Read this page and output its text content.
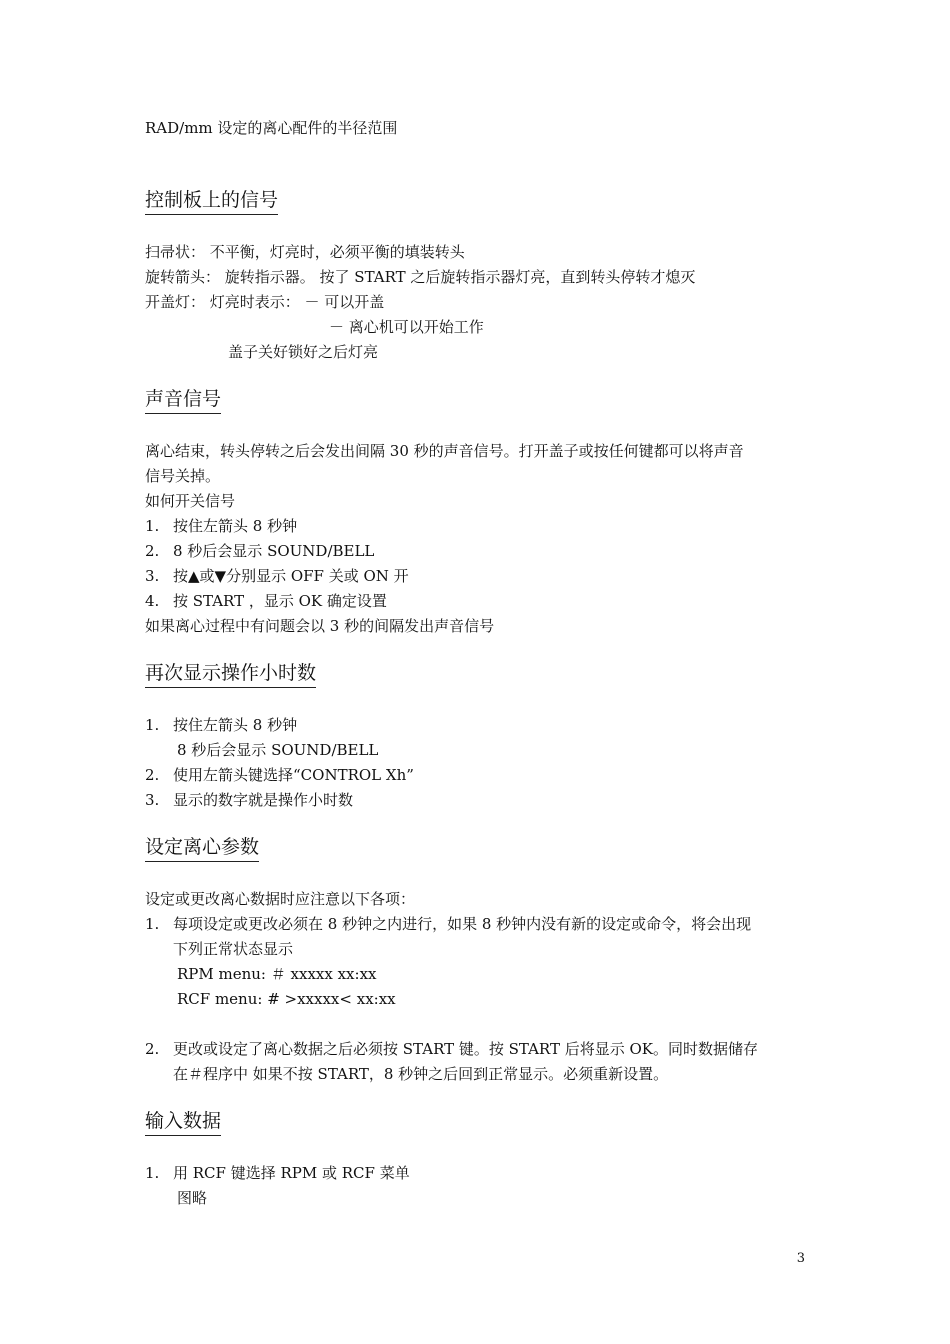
RAD/mm 设定的离心配件的半径范围
控制板上的信号
扫帚状： 不平衡，灯亮时，必须平衡的填装转头
旋转箭头： 旋转指示器。 按了 START 之后旋转指示器灯亮，直到转头停转才熄灭
开盖灯： 灯亮时表示： － 可以开盖
－ 离心机可以开始工作
盖子关好锁好之后灯亮
声音信号
离心结束，转头停转之后会发出间隔 30 秒的声音信号。打开盖子或按任何键都可以将声音
信号关掉。
如何开关信号
1. 按住左箭头 8 秒钟
2. 8 秒后会显示 SOUND/BELL
3. 按▲或▼分别显示 OFF 关或 ON 开
4. 按 START ，显示 OK 确定设置
如果离心过程中有问题会以 3 秒的间隔发出声音信号
再次显示操作小时数
1. 按住左箭头 8 秒钟
8 秒后会显示 SOUND/BELL
2. 使用左箭头键选择“CONTROL Xh”
3. 显示的数字就是操作小时数
设定离心参数
设定或更改离心数据时应注意以下各项：
1. 每项设定或更改必须在 8 秒钟之内进行，如果 8 秒钟内没有新的设定或命令，将会出现
下列正常状态显示
RPM menu: ＃ xxxxx xx:xx
RCF menu: # >xxxxx< xx:xx
2. 更改或设定了离心数据之后必须按 START 键。按 START 后将显示 OK。同时数据储存
在＃程序中 如果不按 START，8 秒钟之后回到正常显示。必须重新设置。
输入数据
1. 用 RCF 键选择 RPM 或 RCF 菜单
图略
3
